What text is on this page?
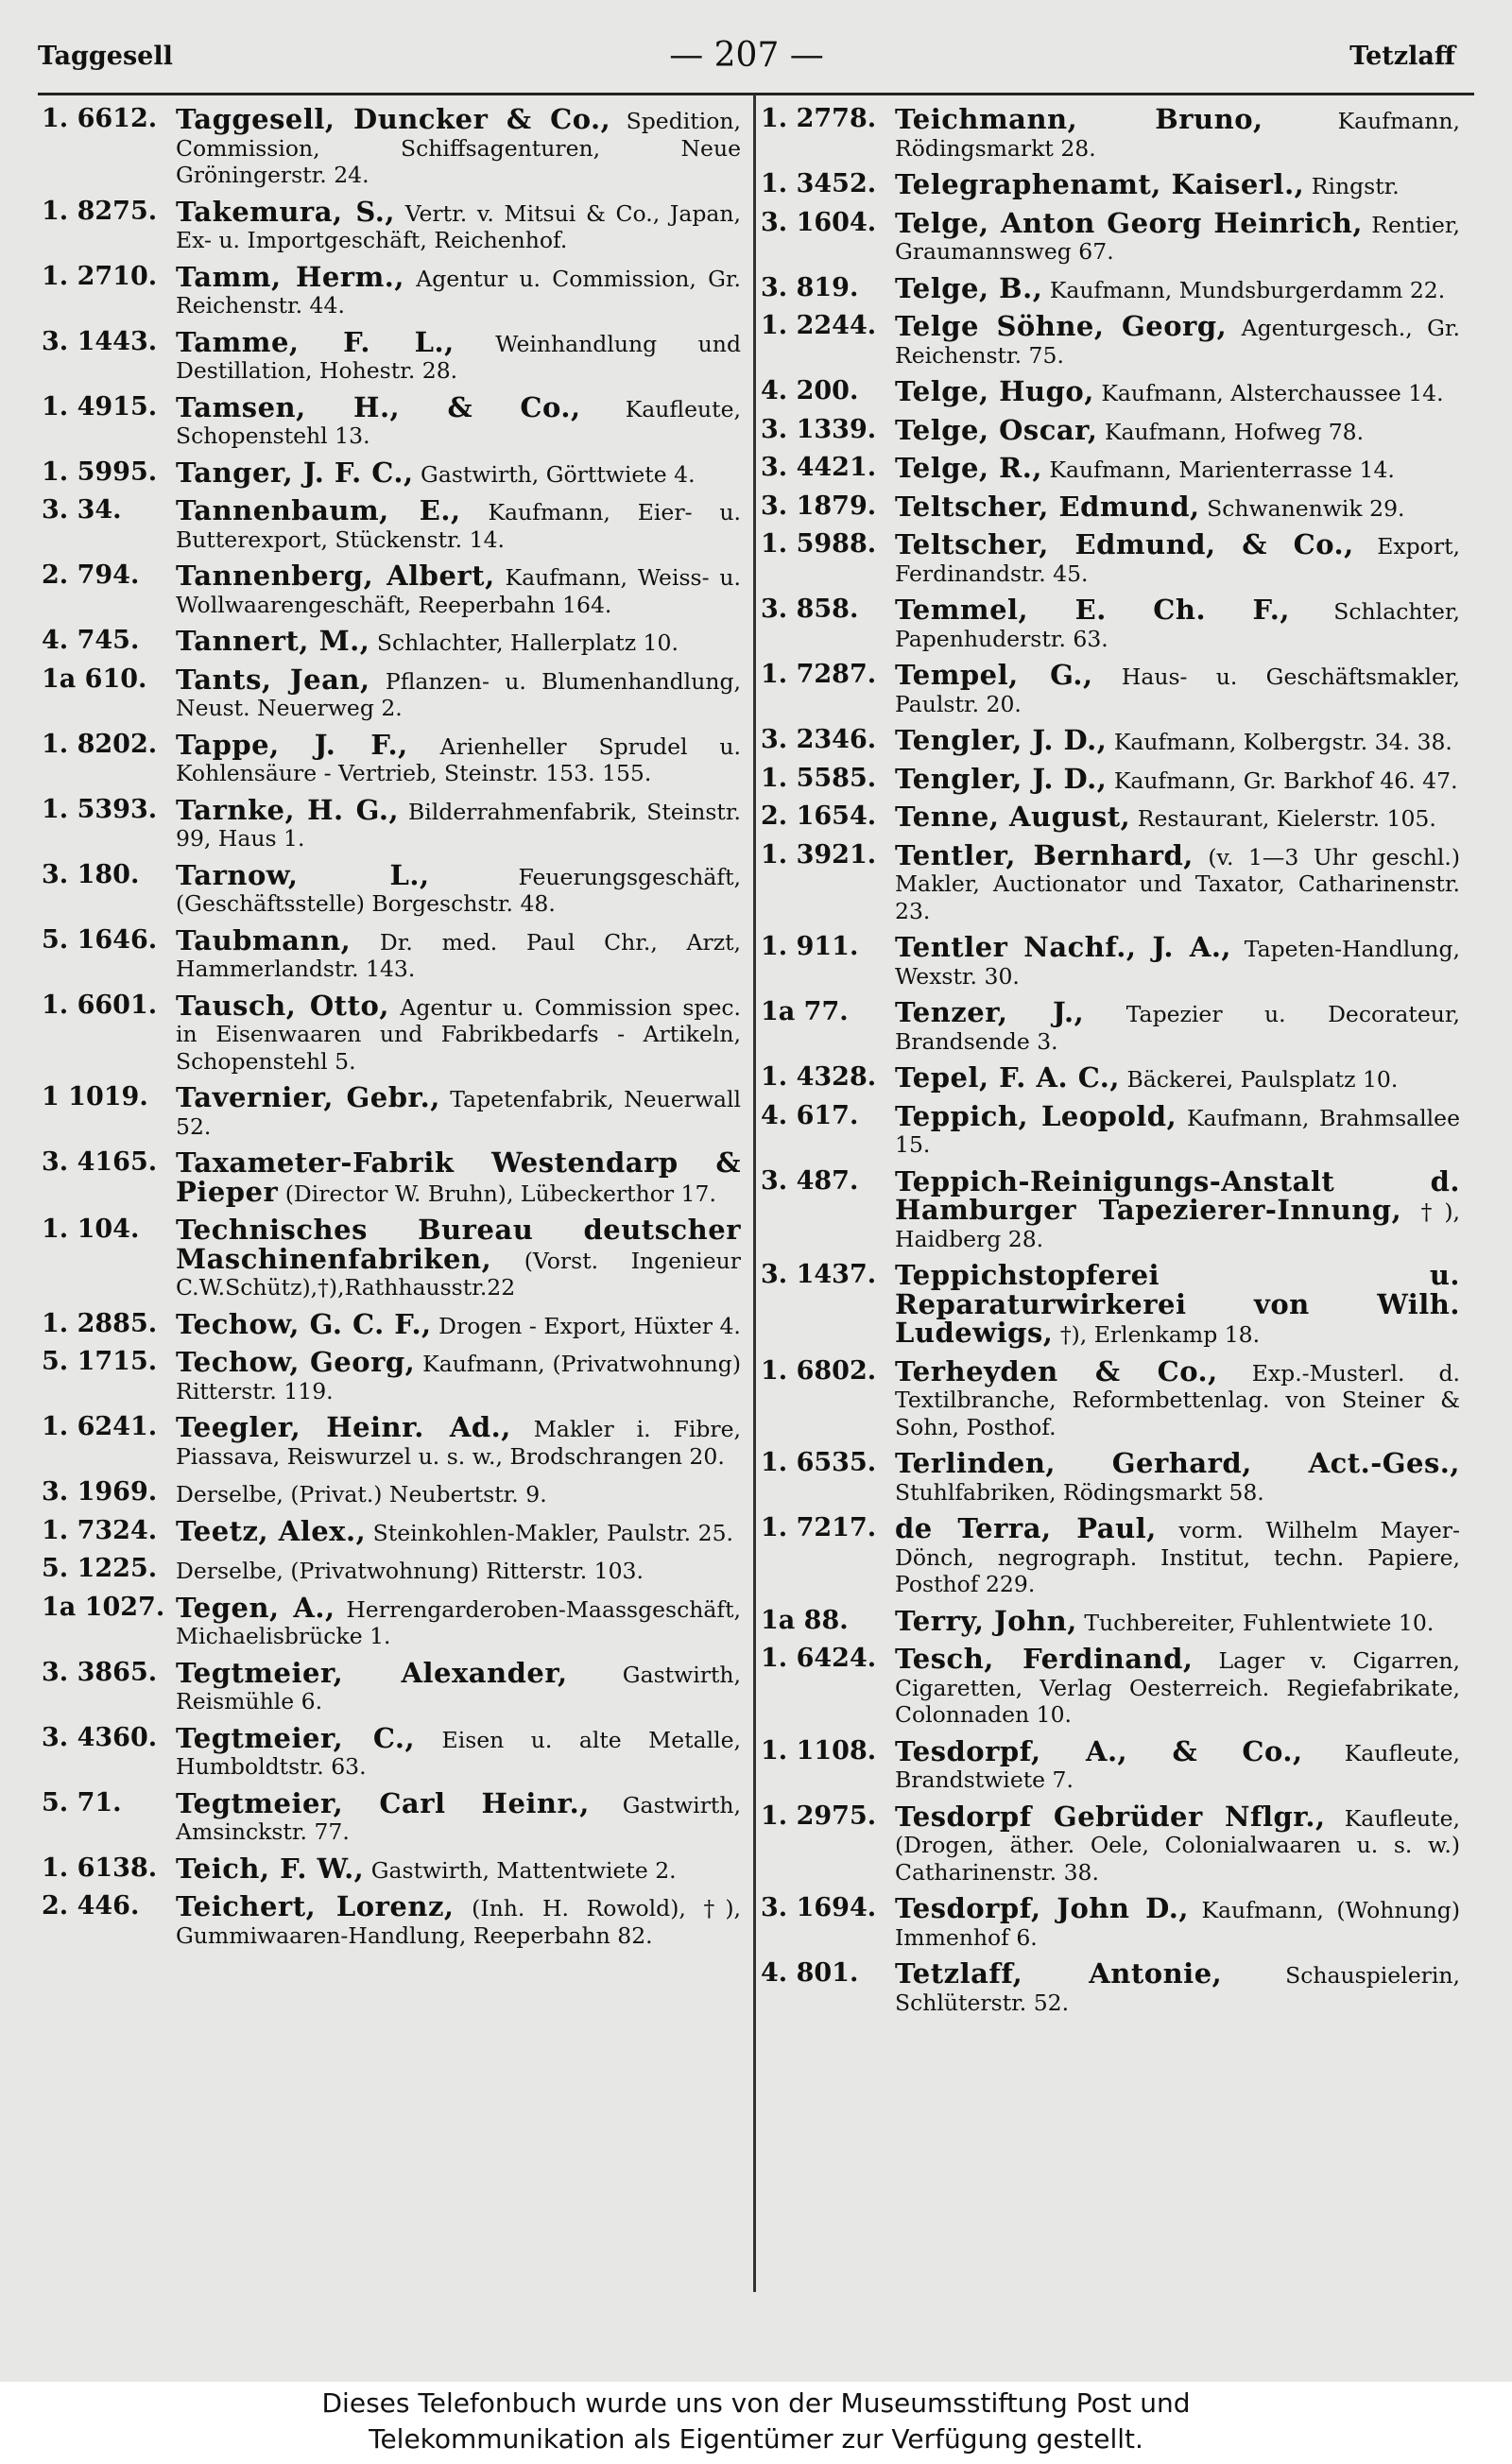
Taggesell	— 207 —	Tetzlaff
1. 6612. Taggesell, Duncker & Co., Spedition, Commission, Schiffsagenturen, Neue Gröningerstr. 24.
1. 8275. Takemura, S., Vertr. v. Mitsui & Co., Japan, Ex- u. Importgeschäft, Reichenhof.
1. 2710. Tamm, Herm., Agentur u. Commission, Gr. Reichenstr. 44.
3. 1443. Tamme, F. L., Weinhandlung und Destillation, Hohestr. 28.
1. 4915. Tamsen, H., & Co., Kaufleute, Schopenstehl 13.
1. 5995. Tanger, J. F. C., Gastwirth, Görttwiete 4.
3. 34.	Tannenbaum, E., Kaufmann, Eier- u. Butterexport, Stückenstr. 14.
2. 794.	Tannenberg, Albert, Kaufmann, Weiss- u. Wollwaarengeschäft, Reeperbahn 164.
4. 745.	Tannert, M., Schlachter, Hallerplatz 10.
1a 610.	Tants, Jean, Pflanzen- u. Blumenhandlung, Neust. Neuerweg 2.
1. 8202. Tappe, J. F., Arienheller Sprudel u. Kohlensäure - Vertrieb, Steinstr. 153. 155.
1. 5393. Tarnke, H. G., Bilderrahmenfabrik, Steinstr. 99, Haus 1.
3. 180.	Tarnow, L.,	Feuerungsgeschäft, (Geschäftsstelle) Borgeschstr. 48.
5. 1646. Taubmann, Dr. med. Paul Chr., Arzt, Hammerlandstr. 143.
1. 6601. Tausch, Otto, Agentur u. Commission spec. in Eisenwaaren und Fabrikbedarfs - Artikeln, Schopenstehl 5.
1 1019.	Tavernier, Gebr., Tapetenfabrik, Neuerwall 52.
3. 4165. Taxameter-Fabrik Westendarp & Pieper (Director W. Bruhn), Lübeckerthor 17.
1. 104.	Technisches Bureau deutscher Maschinenfabriken, (Vorst. Ingenieur C.W.Schütz),†),Rathhausstr.22
1. 2885. Techow, G. C. F., Drogen - Export, Hüxter 4.
5. 1715. Techow, Georg, Kaufmann, (Privatwohnung) Ritterstr. 119.
1. 6241. Teegler, Heinr. Ad., Makler i. Fibre, Piassava, Reiswurzel u. s. w., Brodschrangen 20.
3. 1969. Derselbe, (Privat.) Neubertstr. 9.
1. 7324. Teetz, Alex., Steinkohlen-Makler, Paulstr. 25.
5. 1225. Derselbe, (Privatwohnung) Ritterstr. 103.
1a 1027. Tegen, A., Herrengarderoben-Maassgeschäft, Michaelisbrücke 1.
3. 3865. Tegtmeier, Alexander, Gastwirth, Reismühle 6.
3. 4360. Tegtmeier, C., Eisen u. alte Metalle, Humboldtstr. 63.
5. 71.	Tegtmeier, Carl Heinr., Gastwirth, Amsinckstr. 77.
1. 6138. Teich, F. W., Gastwirth, Mattentwiete 2.
2. 446.	Teichert, Lorenz, (Inh. H. Rowold), †), Gummiwaaren-Handlung, Reeperbahn 82.
1. 2778. Teichmann, Bruno,	Kaufmann, Rödingsmarkt 28.
1. 3452. Telegraphenamt, Kaiserl., Ringstr.
3. 1604. Telge, Anton Georg Heinrich, Rentier, Graumannsweg 67.
3. 819.	Telge, B., Kaufmann, Mundsburgerdamm 22.
1. 2244. Telge Söhne, Georg, Agenturgesch., Gr. Reichenstr. 75.
4. 200.	Telge, Hugo, Kaufmann, Alsterchaussee 14.
3. 1339. Telge, Oscar, Kaufmann, Hofweg 78.
3. 4421. Telge, R., Kaufmann, Marienterrasse 14.
3. 1879. Teltscher, Edmund, Schwanenwik 29.
1. 5988. Teltscher, Edmund, & Co., Export, Ferdinandstr. 45.
3. 858.	Temmel, E. Ch. F., Schlachter, Papenhuderstr. 63.
1. 7287. Tempel, G., Haus- u. Geschäftsmakler, Paulstr. 20.
3. 2346. Tengler, J. D., Kaufmann, Kolbergstr. 34. 38.
1. 5585. Tengler, J. D., Kaufmann, Gr. Barkhof 46. 47.
2. 1654. Tenne, August, Restaurant, Kielerstr. 105.
1. 3921. Tentler, Bernhard, (v. 1—3 Uhr geschl.) Makler, Auctionator und Taxator, Catharinenstr. 23.
1. 911.	Tentler Nachf., J. A., Tapeten-Handlung, Wexstr. 30.
1a 77.	Tenzer, J., Tapezier u. Decorateur, Brandsende 3.
1. 4328. Tepel, F. A. C., Bäckerei, Paulsplatz 10.
4. 617.	Teppich, Leopold, Kaufmann, Brahmsallee 15.
3. 487.	Teppich-Reinigungs-Anstalt d. Hamburger Tapezierer-Innung, †), Haidberg 28.
3. 1437. Teppichstopferei u. Reparaturwirkerei von Wilh. Ludewigs, †), Erlenkamp 18.
1. 6802. Terheyden & Co., Exp.-Musterl. d. Textilbranche, Reformbettenlag. von Steiner & Sohn, Posthof.
1. 6535. Terlinden, Gerhard, Act.-Ges., Stuhlfabriken, Rödingsmarkt 58.
1. 7217. de Terra, Paul, vorm. Wilhelm Mayer-Dönch, negrograph. Institut, techn. Papiere, Posthof 229.
1a 88.	Terry, John, Tuchbereiter, Fuhlentwiete 10.
1. 6424. Tesch, Ferdinand, Lager v. Cigarren, Cigaretten, Verlag Oesterreich. Regiefabrikate, Colonnaden 10.
1. 1108. Tesdorpf, A., & Co., Kaufleute, Brandstwiete 7.
1. 2975. Tesdorpf Gebrüder Nflgr., Kaufleute, (Drogen, äther. Oele, Colonialwaaren u. s. w.) Catharinenstr. 38.
3. 1694. Tesdorpf, John D., Kaufmann, (Wohnung) Immenhof 6.
4. 801.	Tetzlaff, Antonie,	Schauspielerin, Schlüterstr. 52.
Dieses Telefonbuch wurde uns von der Museumsstiftung Post und
Telekommunikation als Eigentümer zur Verfügung gestellt.
